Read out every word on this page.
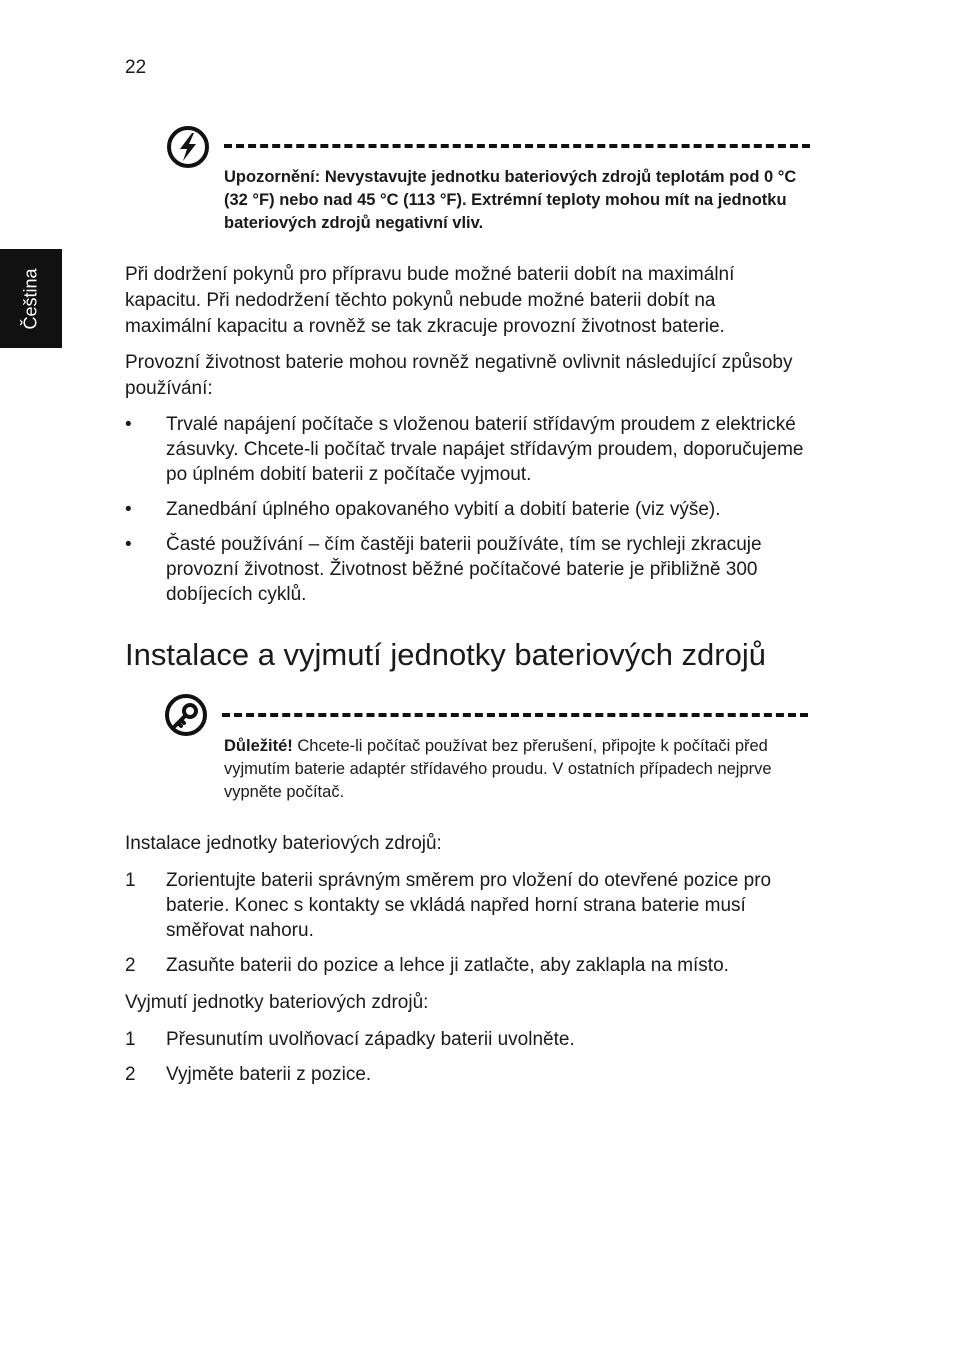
22
Čeština
Upozornění: Nevystavujte jednotku bateriových zdrojů teplotám pod 0 °C (32 °F) nebo nad 45 °C (113 °F). Extrémní teploty mohou mít na jednotku bateriových zdrojů negativní vliv.
Při dodržení pokynů pro přípravu bude možné baterii dobít na maximální kapacitu. Při nedodržení těchto pokynů nebude možné baterii dobít na maximální kapacitu a rovněž se tak zkracuje provozní životnost baterie.
Provozní životnost baterie mohou rovněž negativně ovlivnit následující způsoby používání:
• Trvalé napájení počítače s vloženou baterií střídavým proudem z elektrické zásuvky. Chcete-li počítač trvale napájet střídavým proudem, doporučujeme po úplném dobití baterii z počítače vyjmout.
• Zanedbání úplného opakovaného vybití a dobití baterie (viz výše).
• Časté používání – čím častěji baterii používáte, tím se rychleji zkracuje provozní životnost. Životnost běžné počítačové baterie je přibližně 300 dobíjecích cyklů.
Instalace a vyjmutí jednotky bateriových zdrojů
Důležité! Chcete-li počítač používat bez přerušení, připojte k počítači před vyjmutím baterie adaptér střídavého proudu. V ostatních případech nejprve vypněte počítač.
Instalace jednotky bateriových zdrojů:
1 Zorientujte baterii správným směrem pro vložení do otevřené pozice pro baterie. Konec s kontakty se vkládá napřed horní strana baterie musí směřovat nahoru.
2 Zasuňte baterii do pozice a lehce ji zatlačte, aby zaklapla na místo.
Vyjmutí jednotky bateriových zdrojů:
1 Přesunutím uvolňovací západky baterii uvolněte.
2 Vyjměte baterii z pozice.
